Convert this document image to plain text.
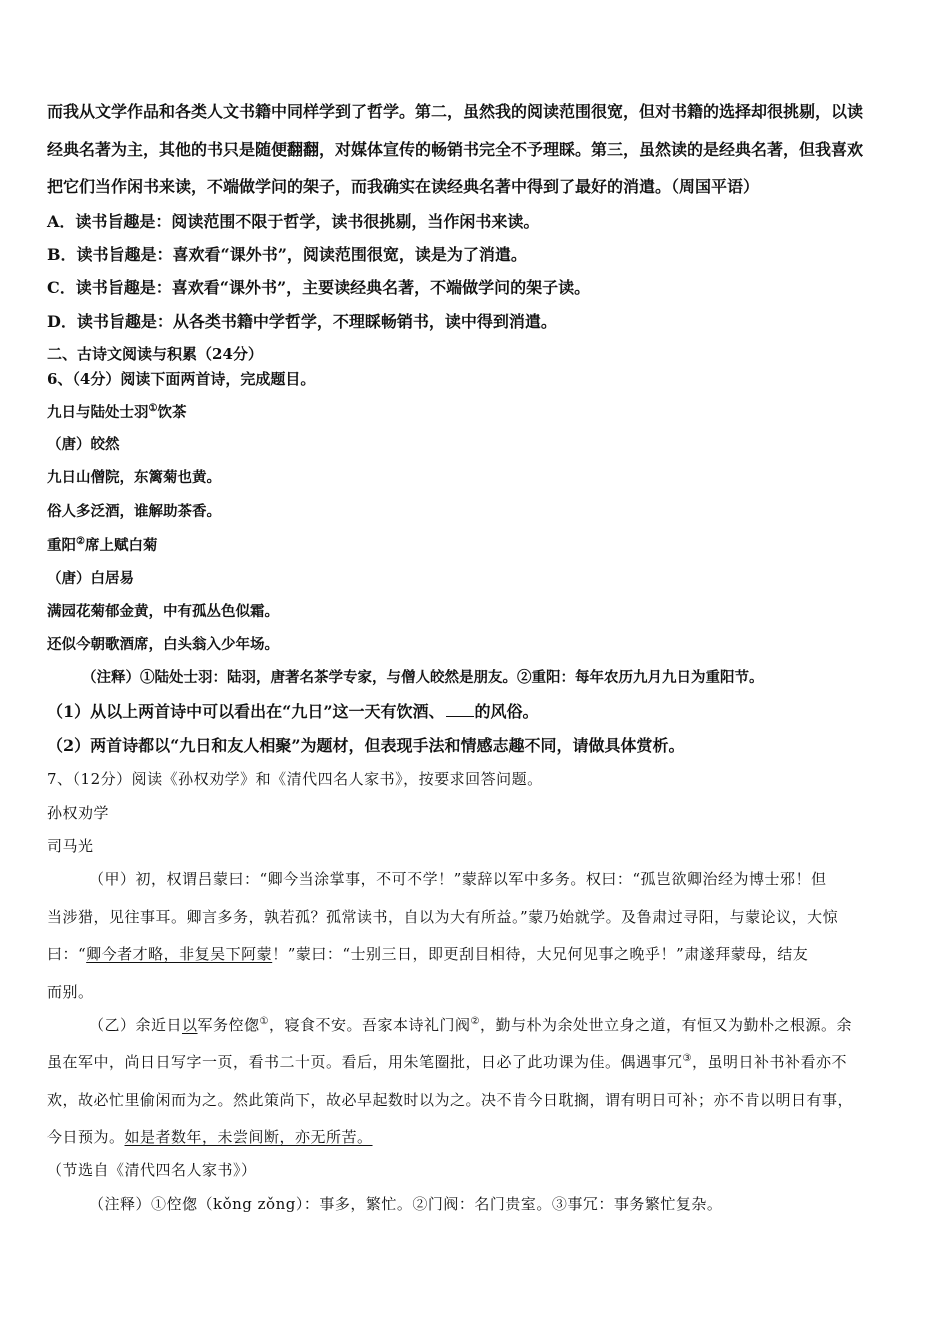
而我从文学作品和各类人文书籍中同样学到了哲学。第二，虽然我的阅读范围很宽，但对书籍的选择却很挑剔，以读
经典名著为主，其他的书只是随便翻翻，对媒体宣传的畅销书完全不予理睬。第三，虽然读的是经典名著，但我喜欢
把它们当作闲书来读，不端做学问的架子，而我确实在读经典名著中得到了最好的消遣。（周国平语）
A．读书旨趣是：阅读范围不限于哲学，读书很挑剔，当作闲书来读。
B．读书旨趣是：喜欢看“课外书”，阅读范围很宽，读是为了消遣。
C．读书旨趣是：喜欢看“课外书”，主要读经典名著，不端做学问的架子读。
D．读书旨趣是：从各类书籍中学哲学，不理睬畅销书，读中得到消遣。
二、古诗文阅读与积累（24分）
6、（4分）阅读下面两首诗，完成题目。
九日与陆处士羽①饮茶
（唐）皎然
九日山僧院，东篱菊也黄。
俗人多泛酒，谁解助茶香。
重阳②席上赋白菊
（唐）白居易
满园花菊郁金黄，中有孤丛色似霜。
还似今朝歌酒席，白头翁入少年场。
（注释）①陆处士羽：陆羽，唐著名茶学专家，与僧人皎然是朋友。②重阳：每年农历九月九日为重阳节。
（1）从以上两首诗中可以看出在“九日”这一天有饮酒、 的风俗。
（2）两首诗都以“九日和友人相聚”为题材，但表现手法和情感志趣不同，请做具体赏析。
7、（12分）阅读《孙权劝学》和《清代四名人家书》，按要求回答问题。
孙权劝学
司马光
（甲）初，权谓吕蒙曰：“卿今当涂掌事，不可不学！”蒙辞以军中多务。权曰：“孤岂欲卿治经为博士邪！但
当涉猎，见往事耳。卿言多务，孰若孤？孤常读书，自以为大有所益。”蒙乃始就学。及鲁肃过寻阳，与蒙论议，大惊
曰：“卿今者才略，非复吴下阿蒙！”蒙曰：“士别三日，即更刮目相待，大兄何见事之晚乎！”肃遂拜蒙母，结友
而别。
（乙）余近日以军务倥偬①，寝食不安。吾家本诗礼门阀②，勤与朴为余处世立身之道，有恒又为勤朴之根源。余
虽在军中，尚日日写字一页，看书二十页。看后，用朱笔圈批，日必了此功课为佳。偶遇事冗③，虽明日补书补看亦不
欢，故必忙里偷闲而为之。然此策尚下，故必早起数时以为之。决不肯今日耽搁，谓有明日可补；亦不肯以明日有事，
今日预为。如是者数年，未尝间断，亦无所苦。
（节选自《清代四名人家书》）
（注释）①倥偬（kǒng zǒng）：事多，繁忙。②门阀：名门贵室。③事冗：事务繁忙复杂。
